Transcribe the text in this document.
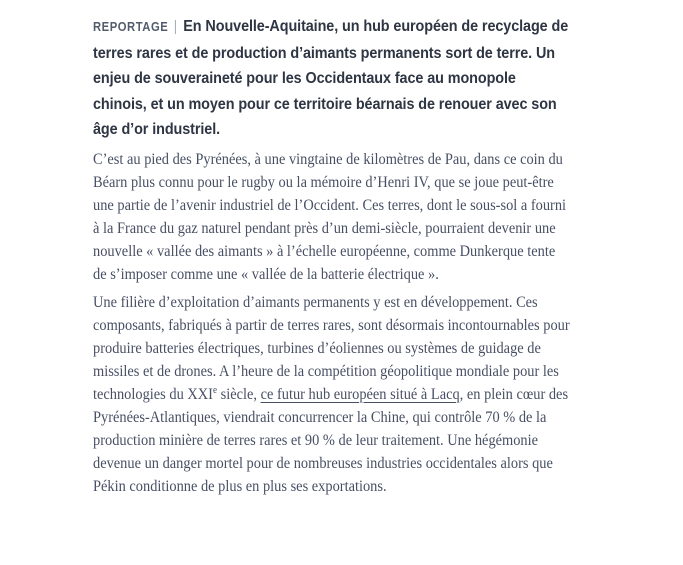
REPORTAGE | En Nouvelle-Aquitaine, un hub européen de recyclage de terres rares et de production d’aimants permanents sort de terre. Un enjeu de souveraineté pour les Occidentaux face au monopole chinois, et un moyen pour ce territoire béarnais de renouer avec son âge d’or industriel.

C’est au pied des Pyrénées, à une vingtaine de kilomètres de Pau, dans ce coin du Béarn plus connu pour le rugby ou la mémoire d’Henri IV, que se joue peut-être une partie de l’avenir industriel de l’Occident. Ces terres, dont le sous-sol a fourni à la France du gaz naturel pendant près d’un demi-siècle, pourraient devenir une nouvelle « vallée des aimants » à l’échelle européenne, comme Dunkerque tente de s’imposer comme une « vallée de la batterie électrique ».

Une filière d’exploitation d’aimants permanents y est en développement. Ces composants, fabriqués à partir de terres rares, sont désormais incontournables pour produire batteries électriques, turbines d’éoliennes ou systèmes de guidage de missiles et de drones. A l’heure de la compétition géopolitique mondiale pour les technologies du XXIe siècle, ce futur hub européen situé à Lacq, en plein cœur des Pyrénées-Atlantiques, viendrait concurrencer la Chine, qui contrôle 70 % de la production minière de terres rares et 90 % de leur traitement. Une hégémonie devenue un danger mortel pour de nombreuses industries occidentales alors que Pékin conditionne de plus en plus ses exportations.
